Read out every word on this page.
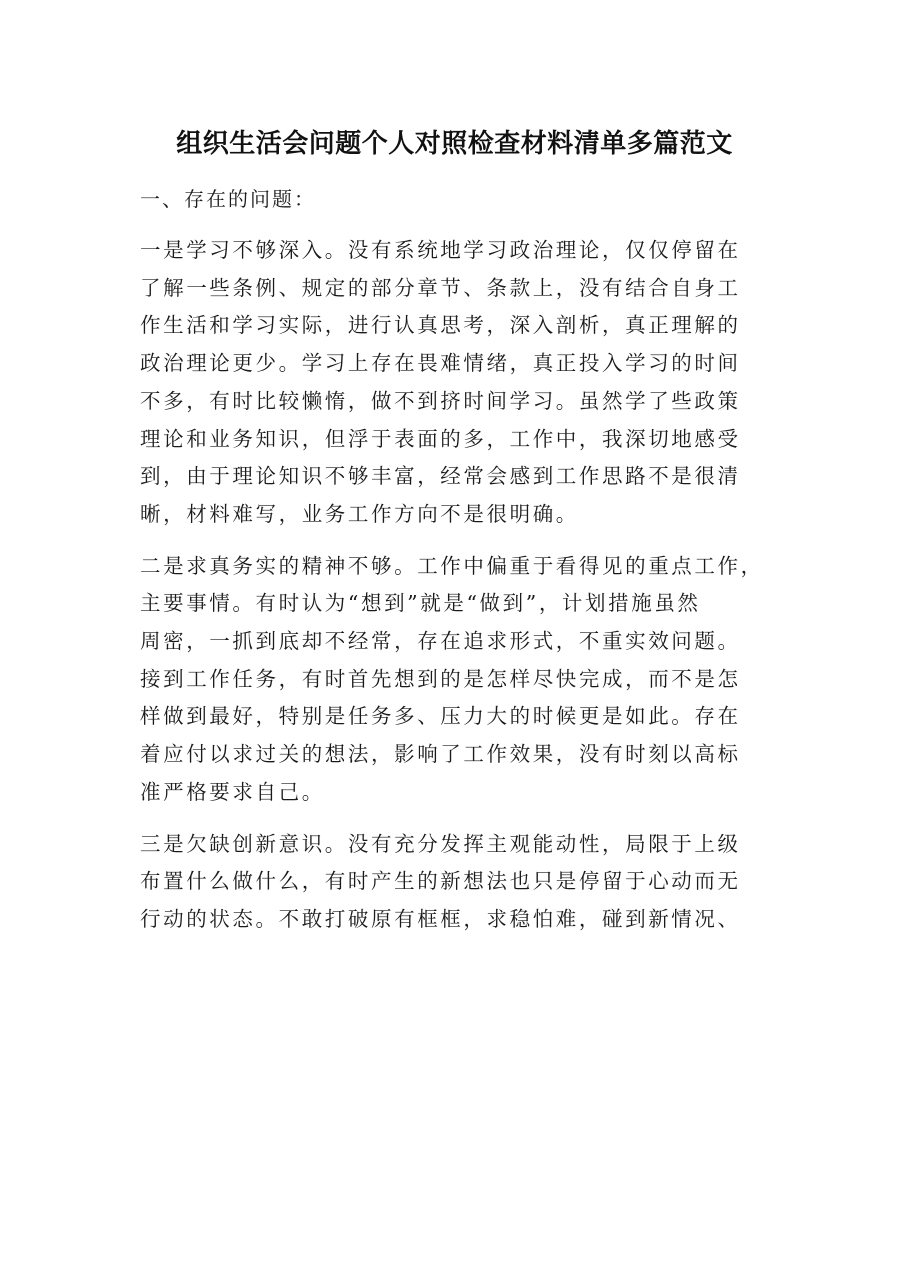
组织生活会问题个人对照检查材料清单多篇范文
一、存在的问题：
一是学习不够深入。没有系统地学习政治理论，仅仅停留在
了解一些条例、规定的部分章节、条款上，没有结合自身工
作生活和学习实际，进行认真思考，深入剖析，真正理解的
政治理论更少。学习上存在畏难情绪，真正投入学习的时间
不多，有时比较懒惰，做不到挤时间学习。虽然学了些政策
理论和业务知识，但浮于表面的多，工作中，我深切地感受
到，由于理论知识不够丰富，经常会感到工作思路不是很清
晰，材料难写，业务工作方向不是很明确。
二是求真务实的精神不够。工作中偏重于看得见的重点工作，
主要事情。有时认为“想到”就是“做到”，计划措施虽然
周密，一抓到底却不经常，存在追求形式，不重实效问题。
接到工作任务，有时首先想到的是怎样尽快完成，而不是怎
样做到最好，特别是任务多、压力大的时候更是如此。存在
着应付以求过关的想法，影响了工作效果，没有时刻以高标
准严格要求自己。
三是欠缺创新意识。没有充分发挥主观能动性，局限于上级
布置什么做什么，有时产生的新想法也只是停留于心动而无
行动的状态。不敢打破原有框框，求稳怕难，碰到新情况、
